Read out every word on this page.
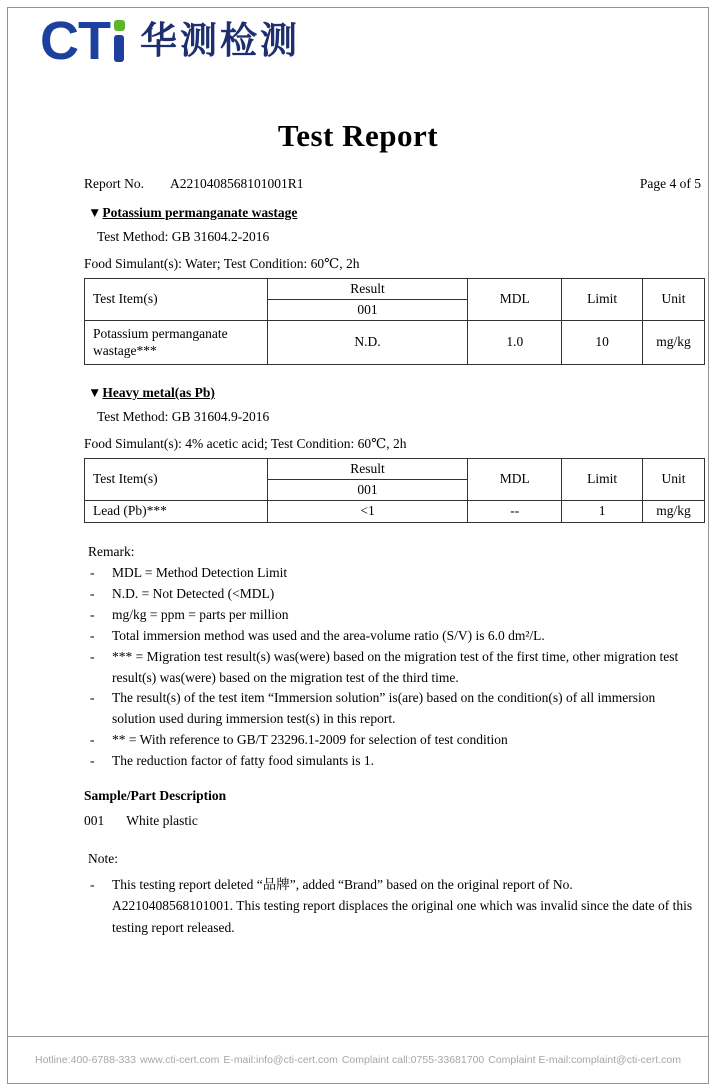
CT 华测检测
Test Report
Report No. A2210408568101001R1	Page 4 of 5
▼Potassium permanganate wastage
Test Method: GB 31604.2-2016
Food Simulant(s): Water; Test Condition: 60℃, 2h
Test Item(s)	Result	MDL	Limit	Unit
	001			
Potassium permanganate wastage***	N.D.	1.0	10	mg/kg
▼Heavy metal(as Pb)
Test Method: GB 31604.9-2016
Food Simulant(s): 4% acetic acid; Test Condition: 60℃, 2h
Test Item(s)	Result	MDL	Limit	Unit
	001			
Lead (Pb)***	<1	--	1	mg/kg
Remark:
-	MDL = Method Detection Limit
-	N.D. = Not Detected (<MDL)
-	mg/kg = ppm = parts per million
-	Total immersion method was used and the area-volume ratio (S/V) is 6.0 dm²/L.
-	*** = Migration test result(s) was(were) based on the migration test of the first time, other migration test result(s) was(were) based on the migration test of the third time.
-	The result(s) of the test item “Immersion solution” is(are) based on the condition(s) of all immersion solution used during immersion test(s) in this report.
-	** = With reference to GB/T 23296.1-2009 for selection of test condition
-	The reduction factor of fatty food simulants is 1.
Sample/Part Description
001 White plastic
Note:
-	This testing report deleted “品牌”, added “Brand” based on the original report of No. A2210408568101001. This testing report displaces the original one which was invalid since the date of this testing report released.
Hotline:400-6788-333 www.cti-cert.com E-mail:info@cti-cert.com Complaint call:0755-33681700 Complaint E-mail:complaint@cti-cert.com
